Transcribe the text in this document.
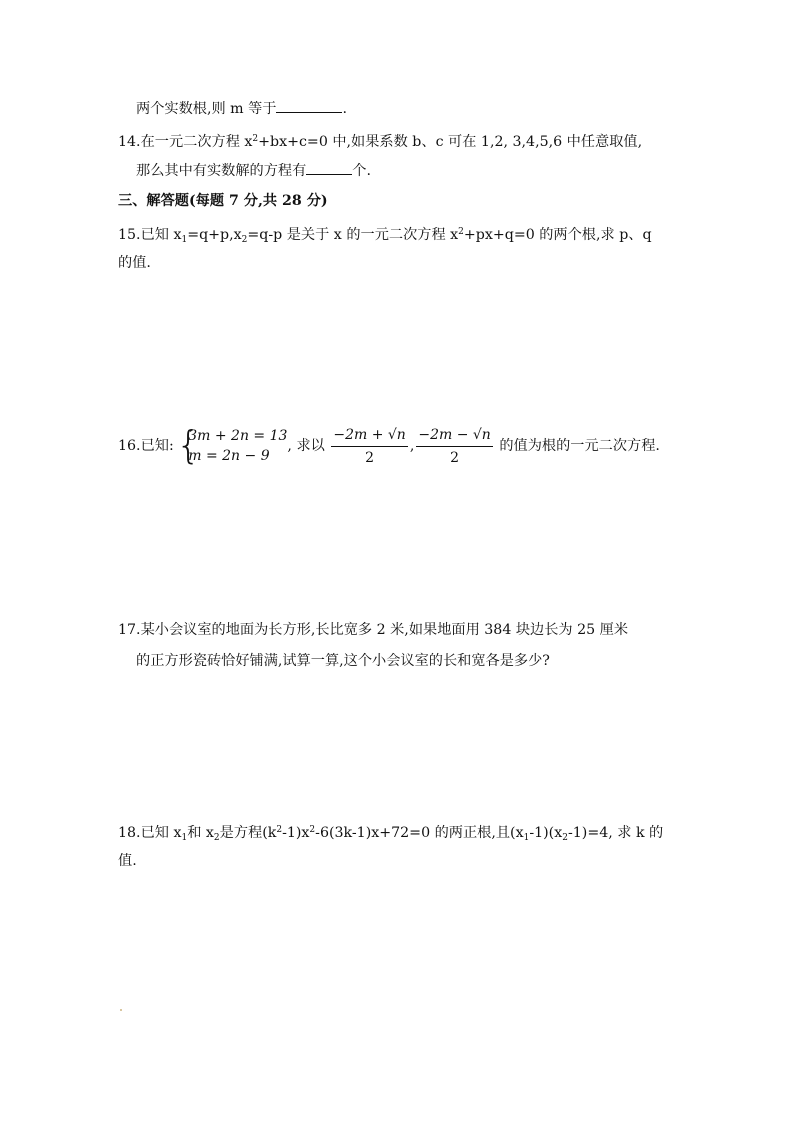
两个实数根,则 m 等于	.
14.在一元二次方程 $x^2+bx+c=0$ 中,如果系数 b、c 可在 1,2, 3,4,5,6 中任意取值,
那么其中有实数解的方程有	个.
三、解答题(每题 7 分,共 28 分)
15.已知 $x_1=q+p,x_2=q-p$ 是关于 x 的一元二次方程 $x^2+px+q=0$ 的两个根,求 p、q
的值.
16.已知: {
3m + 2n = 13
m = 2n − 9
, 求以 $\frac{-2m + √n}{2}$ , $\frac{-2m - √n}{2}$ 的值为根的一元二次方程.
17.某小会议室的地面为长方形,长比宽多 2 米,如果地面用 384 块边长为 25 厘米
的正方形瓷砖恰好铺满,试算一算,这个小会议室的长和宽各是多少?
18.已知 $x_1$和 $x_2$是方程$(k^2-1)x^2-6(3k-1)x+72=0$ 的两正根,且$(x_1-1)(x_2-1)=4$, 求 k 的
值.
